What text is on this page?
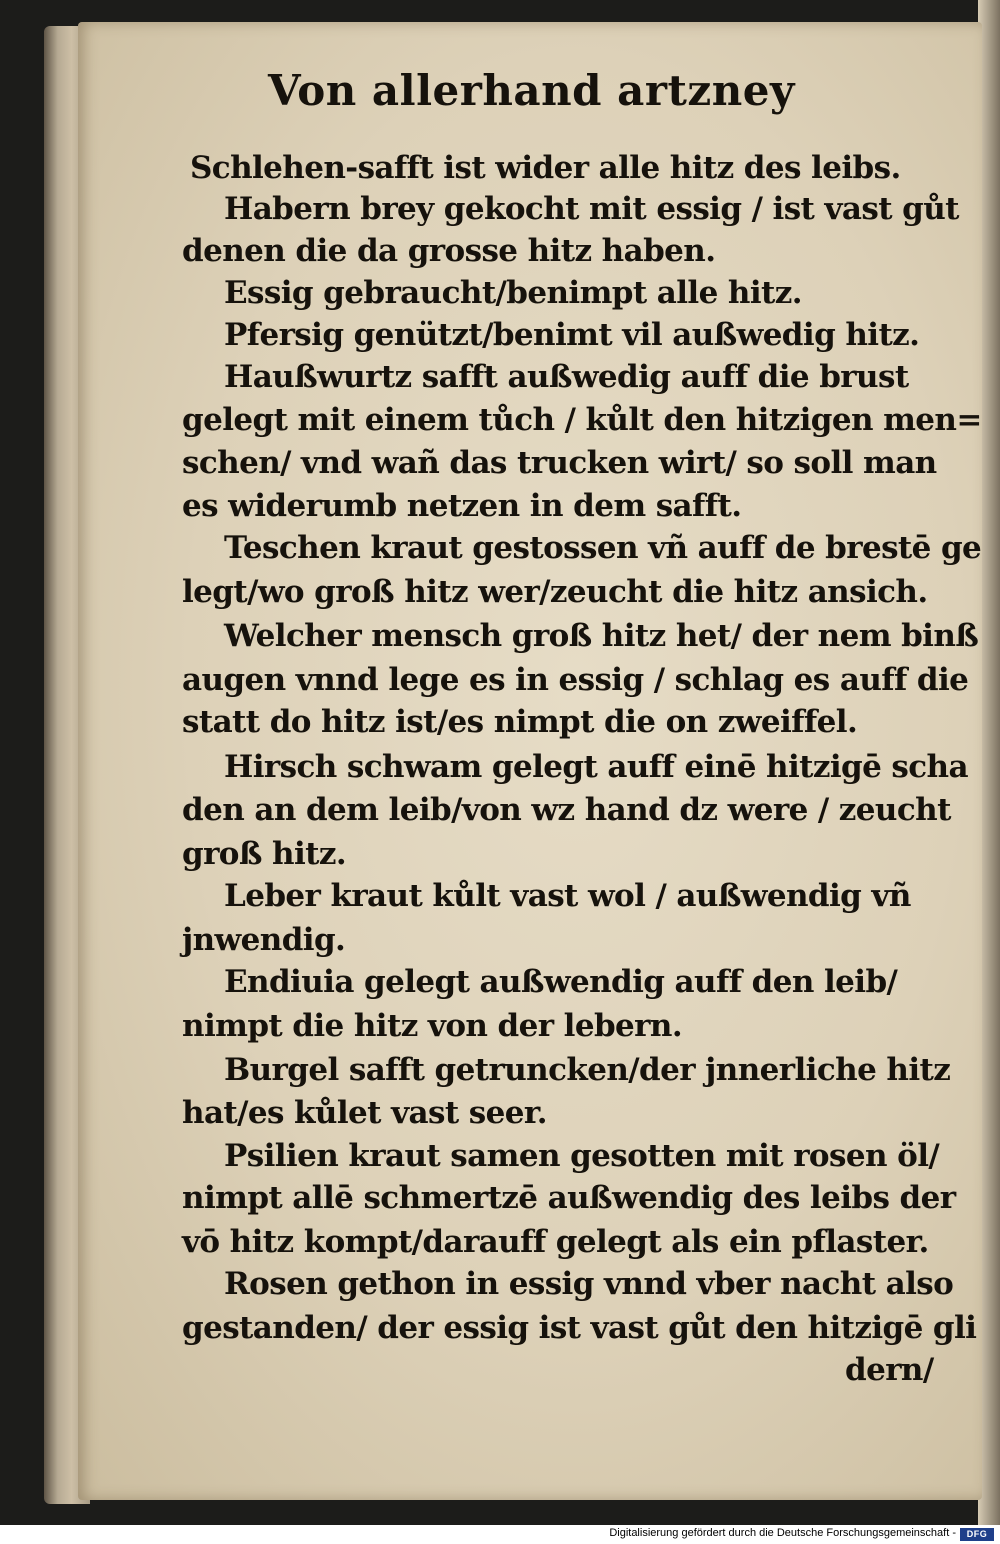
Von allerhand artzney
Schlehen-safft ist wider alle hitz des leibs.
Habern brey gekocht mit essig / ist vast gůt
denen die da grosse hitz haben.
Essig gebraucht/benimpt alle hitz.
Pfersig genützt/benimt vil außwedig hitz.
Haußwurtz safft außwedig auff die brust
gelegt mit einem tůch / kůlt den hitzigen men=
schen/ vnd wañ das trucken wirt/ so soll man
es widerumb netzen in dem safft.
Teschen kraut gestossen vñ auff de brestē ge
legt/wo groß hitz wer/zeucht die hitz ansich.
Welcher mensch groß hitz het/ der nem binß
augen vnnd lege es in essig / schlag es auff die
statt do hitz ist/es nimpt die on zweiffel.
Hirsch schwam gelegt auff einē hitzigē scha
den an dem leib/von wz hand dz were / zeucht
groß hitz.
Leber kraut kůlt vast wol / außwendig vñ
jnwendig.
Endiuia gelegt außwendig auff den leib/
nimpt die hitz von der lebern.
Burgel safft getruncken/der jnnerliche hitz
hat/es kůlet vast seer.
Psilien kraut samen gesotten mit rosen öl/
nimpt allē schmertzē außwendig des leibs der
vō hitz kompt/darauff gelegt als ein pflaster.
Rosen gethon in essig vnnd vber nacht also
gestanden/ der essig ist vast gůt den hitzigē gli
dern/
Digitalisierung gefördert durch die Deutsche Forschungsgemeinschaft -	DFG
